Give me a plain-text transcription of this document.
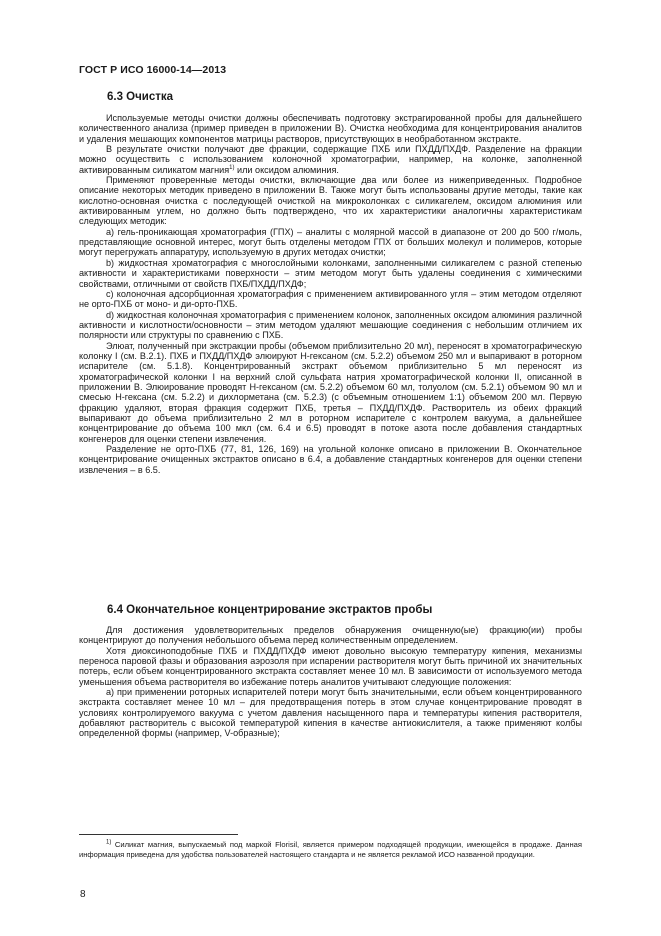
ГОСТ Р ИСО 16000-14—2013
6.3 Очистка

Используемые методы очистки должны обеспечивать подготовку экстрагированной пробы для дальнейшего количественного анализа (пример приведен в приложении В). Очистка необходима для концентрирования аналитов и удаления мешающих компонентов матрицы растворов, присутствующих в необработанном экстракте.

В результате очистки получают две фракции, содержащие ПХБ или ПХДД/ПХДФ. Разделение на фракции можно осуществить с использованием колоночной хроматографии, например, на колонке, заполненной активированным силикатом магния$^{1)}$ или оксидом алюминия.

Применяют проверенные методы очистки, включающие два или более из нижеприведенных. Подробное описание некоторых методик приведено в приложении В. Также могут быть использованы другие методы, такие как кислотно-основная очистка с последующей очисткой на микроколонках с силикагелем, оксидом алюминия или активированным углем, но должно быть подтверждено, что их характеристики аналогичны характеристикам следующих методик:

a) гель-проникающая хроматография (ГПХ) – аналиты с молярной массой в диапазоне от 200 до 500 г/моль, представляющие основной интерес, могут быть отделены методом ГПХ от больших молекул и полимеров, которые могут перегружать аппаратуру, используемую в других методах очистки;

b) жидкостная хроматография с многослойными колонками, заполненными силикагелем с разной степенью активности и характеристиками поверхности – этим методом могут быть удалены соединения с химическими свойствами, отличными от свойств ПХБ/ПХДД/ПХДФ;

c) колоночная адсорбционная хроматография с применением активированного угля – этим методом отделяют не орто-ПХБ от моно- и ди-орто-ПХБ.

d) жидкостная колоночная хроматография с применением колонок, заполненных оксидом алюминия различной активности и кислотности/основности – этим методом удаляют мешающие соединения с небольшим отличием их полярности или структуры по сравнению с ПХБ.

Элюат, полученный при экстракции пробы (объемом приблизительно 20 мл), переносят в хроматографическую колонку I (см. В.2.1). ПХБ и ПХДД/ПХДФ элюируют Н-гексаном (см. 5.2.2) объемом 250 мл и выпаривают в роторном испарителе (см. 5.1.8). Концентрированный экстракт объемом приблизительно 5 мл переносят из хроматографической колонки I на верхний слой сульфата натрия хроматографической колонки II, описанной в приложении В. Элюирование проводят Н-гексаном (см. 5.2.2) объемом 60 мл, толуолом (см. 5.2.1) объемом 90 мл и смесью Н-гексана (см. 5.2.2) и дихлорметана (см. 5.2.3) (с объемным отношением 1:1) объемом 200 мл. Первую фракцию удаляют, вторая фракция содержит ПХБ, третья – ПХДД/ПХДФ. Растворитель из обеих фракций выпаривают до объема приблизительно 2 мл в роторном испарителе с контролем вакуума, а дальнейшее концентрирование до объема 100 мкл (см. 6.4 и 6.5) проводят в потоке азота после добавления стандартных конгенеров для оценки степени извлечения.

Разделение не орто-ПХБ (77, 81, 126, 169) на угольной колонке описано в приложении В. Окончательное концентрирование очищенных экстрактов описано в 6.4, а добавление стандартных конгенеров для оценки степени извлечения – в 6.5.

6.4 Окончательное концентрирование экстрактов пробы

Для достижения удовлетворительных пределов обнаружения очищенную(ые) фракцию(ии) пробы концентрируют до получения небольшого объема перед количественным определением.

Хотя диоксиноподобные ПХБ и ПХДД/ПХДФ имеют довольно высокую температуру кипения, механизмы переноса паровой фазы и образования аэрозоля при испарении растворителя могут быть причиной их значительных потерь, если объем концентрированного экстракта составляет менее 10 мл. В зависимости от используемого метода уменьшения объема растворителя во избежание потерь аналитов учитывают следующие положения:

a) при применении роторных испарителей потери могут быть значительными, если объем концентрированного экстракта составляет менее 10 мл – для предотвращения потерь в этом случае концентрирование проводят в условиях контролируемого вакуума с учетом давления насыщенного пара и температуры кипения растворителя, добавляют растворитель с высокой температурой кипения в качестве антиокислителя, а также применяют колбы определенной формы (например, V-образные);

$^{1)}$ Силикат магния, выпускаемый под маркой Florisil, является примером подходящей продукции, имеющейся в продаже. Данная информация приведена для удобства пользователей настоящего стандарта и не является рекламой ИСО названной продукции.
8
